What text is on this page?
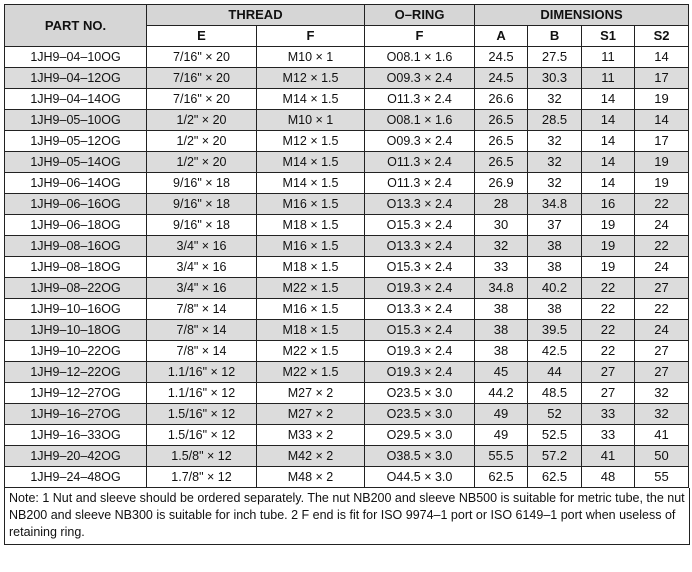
PART NO.	THREAD		O–RING	DIMENSIONS			
	E	F	F	A	B	S1	S2
1JH9–04–10OG	7/16" × 20	M10 × 1	O08.1 × 1.6	24.5	27.5	11	14
1JH9–04–12OG	7/16" × 20	M12 × 1.5	O09.3 × 2.4	24.5	30.3	11	17
1JH9–04–14OG	7/16" × 20	M14 × 1.5	O11.3 × 2.4	26.6	32	14	19
1JH9–05–10OG	1/2" × 20	M10 × 1	O08.1 × 1.6	26.5	28.5	14	14
1JH9–05–12OG	1/2" × 20	M12 × 1.5	O09.3 × 2.4	26.5	32	14	17
1JH9–05–14OG	1/2" × 20	M14 × 1.5	O11.3 × 2.4	26.5	32	14	19
1JH9–06–14OG	9/16" × 18	M14 × 1.5	O11.3 × 2.4	26.9	32	14	19
1JH9–06–16OG	9/16" × 18	M16 × 1.5	O13.3 × 2.4	28	34.8	16	22
1JH9–06–18OG	9/16" × 18	M18 × 1.5	O15.3 × 2.4	30	37	19	24
1JH9–08–16OG	3/4" × 16	M16 × 1.5	O13.3 × 2.4	32	38	19	22
1JH9–08–18OG	3/4" × 16	M18 × 1.5	O15.3 × 2.4	33	38	19	24
1JH9–08–22OG	3/4" × 16	M22 × 1.5	O19.3 × 2.4	34.8	40.2	22	27
1JH9–10–16OG	7/8" × 14	M16 × 1.5	O13.3 × 2.4	38	38	22	22
1JH9–10–18OG	7/8" × 14	M18 × 1.5	O15.3 × 2.4	38	39.5	22	24
1JH9–10–22OG	7/8" × 14	M22 × 1.5	O19.3 × 2.4	38	42.5	22	27
1JH9–12–22OG	1.1/16" × 12	M22 × 1.5	O19.3 × 2.4	45	44	27	27
1JH9–12–27OG	1.1/16" × 12	M27 × 2	O23.5 × 3.0	44.2	48.5	27	32
1JH9–16–27OG	1.5/16" × 12	M27 × 2	O23.5 × 3.0	49	52	33	32
1JH9–16–33OG	1.5/16" × 12	M33 × 2	O29.5 × 3.0	49	52.5	33	41
1JH9–20–42OG	1.5/8" × 12	M42 × 2	O38.5 × 3.0	55.5	57.2	41	50
1JH9–24–48OG	1.7/8" × 12	M48 × 2	O44.5 × 3.0	62.5	62.5	48	55
Note: 1 Nut and sleeve should be ordered separately. The nut NB200 and sleeve NB500 is suitable for metric tube, the nut NB200 and sleeve NB300 is suitable for inch tube. 2 F end is fit for ISO 9974–1 port or ISO 6149–1 port when useless of retaining ring.
